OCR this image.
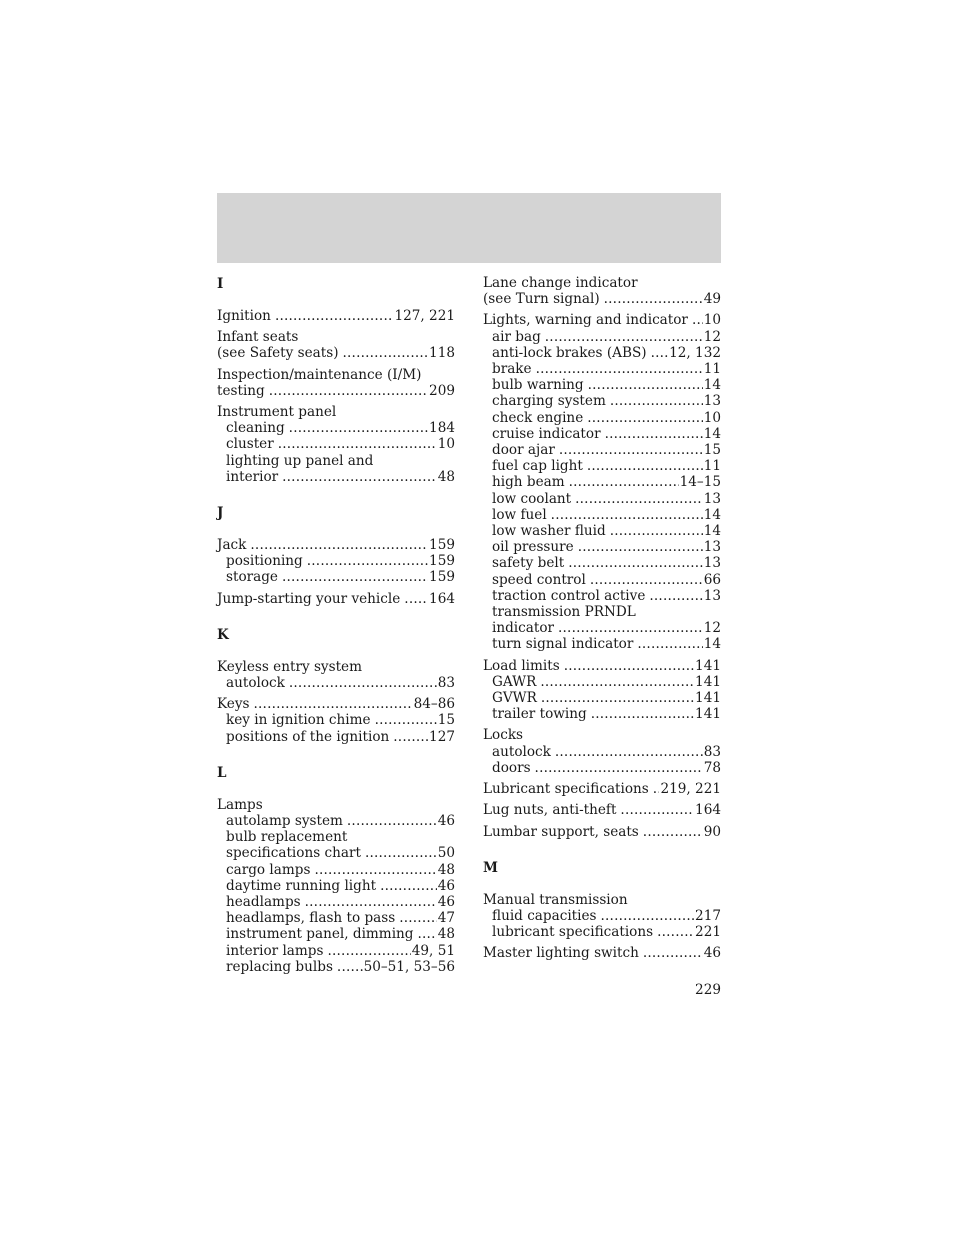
I
Ignition .....	127, 221
Infant seats
(see Safety seats) .....	118
Inspection/maintenance (I/M)
testing .....	209
Instrument panel
cleaning .....	184
cluster .....	10
lighting up panel and
interior .....	48
J
Jack .....	159
positioning .....	159
storage .....	159
Jump-starting your vehicle ..... 164
K
Keyless entry system
autolock .....	83
Keys .....	84–86
key in ignition chime .....	15
positions of the ignition .....	127
L
Lamps
autolamp system .....	46
bulb replacement
specifications chart .....	50
cargo lamps .....	48
daytime running light .....	46
headlamps .....	46
headlamps, flash to pass .....	47
instrument panel, dimming ..... 48
interior lamps .....	49, 51
replacing bulbs ..... 50–51, 53–56
Lane change indicator
(see Turn signal) .....	49
Lights, warning and indicator ..... 10
air bag .....	12
anti-lock brakes (ABS) ..... 12, 132
brake .....	11
bulb warning .....	14
charging system .....	13
check engine .....	10
cruise indicator .....	14
door ajar .....	15
fuel cap light .....	11
high beam .....	14–15
low coolant .....	13
low fuel .....	14
low washer fluid .....	14
oil pressure .....	13
safety belt .....	13
speed control .....	66
traction control active .....	13
transmission PRNDL
indicator .....	12
turn signal indicator .....	14
Load limits .....	141
GAWR .....	141
GVWR .....	141
trailer towing .....	141
Locks
autolock .....	83
doors .....	78
Lubricant specifications ..... 219, 221
Lug nuts, anti-theft .....	164
Lumbar support, seats .....	90
M
Manual transmission
fluid capacities .....	217
lubricant specifications .....	221
Master lighting switch .....	46
229
